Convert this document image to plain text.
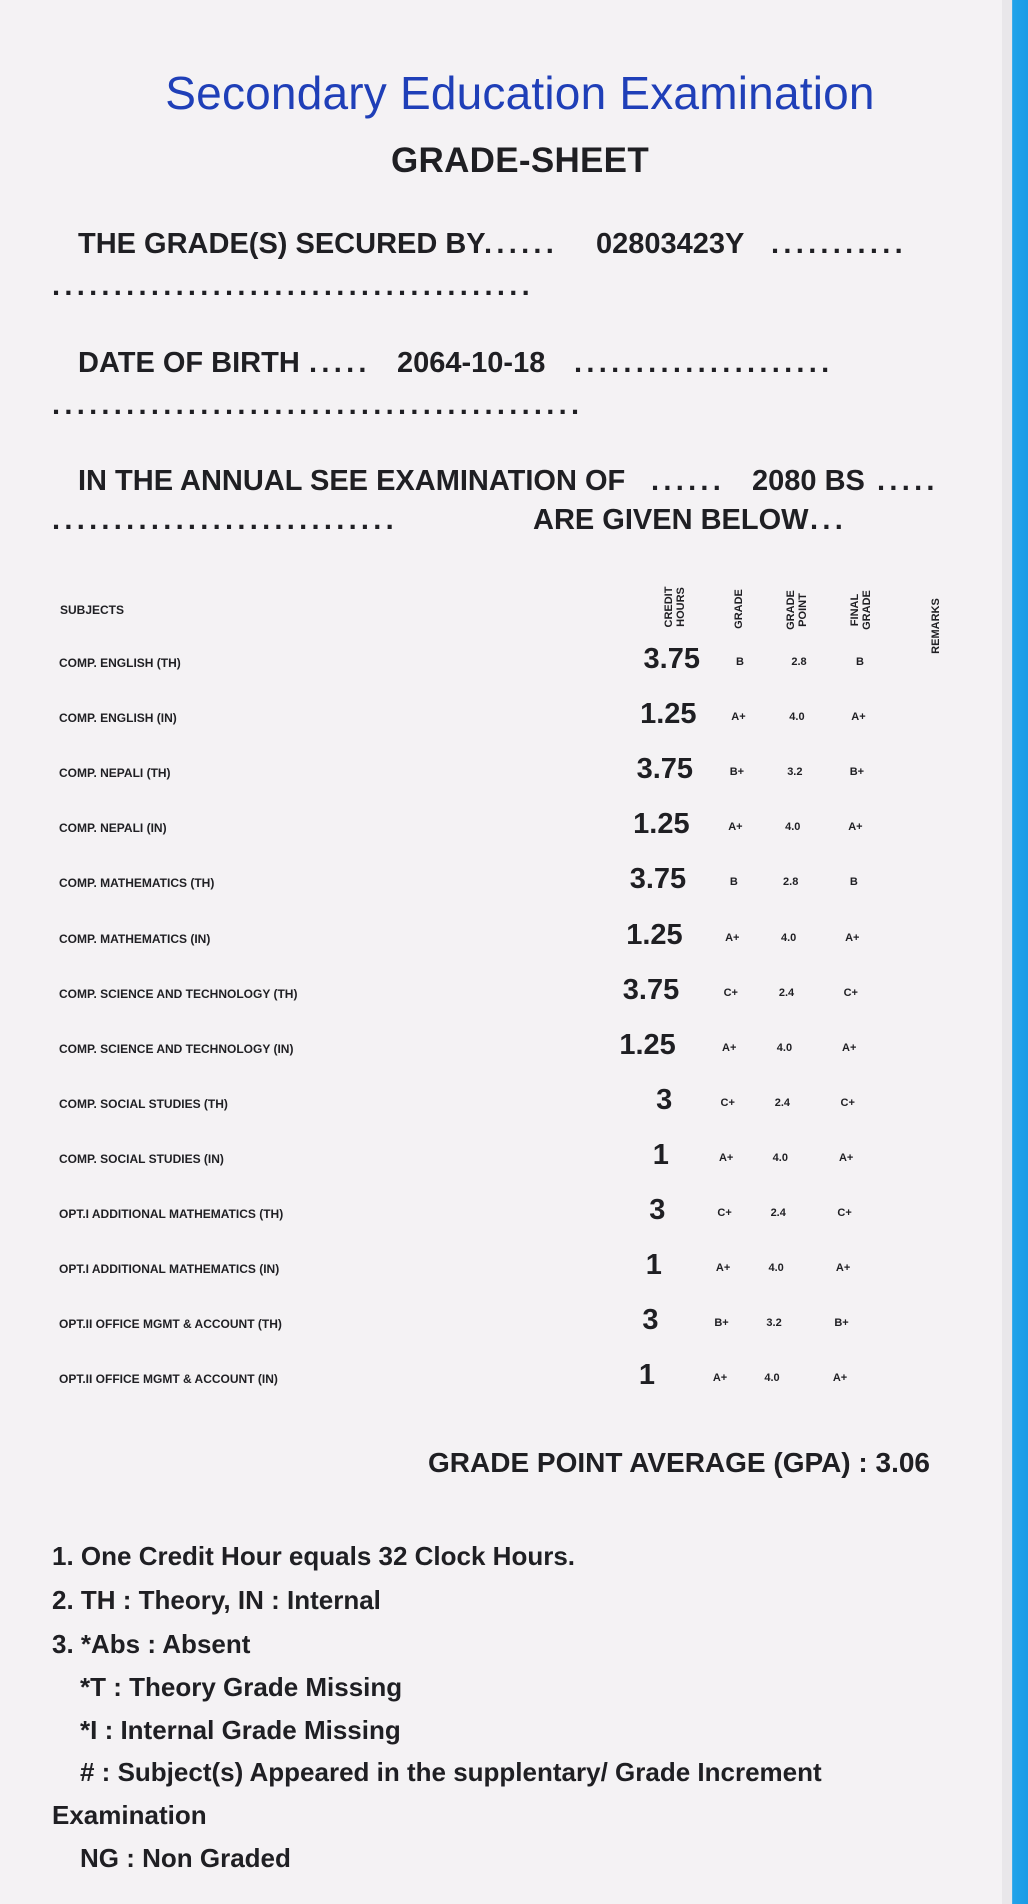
Secondary Education Examination
GRADE-SHEET
THE GRADE(S) SECURED BY
...... 02803423Y ...........
.......................................
DATE OF BIRTH ..... 2064-10-18 .....................
...........................................
IN THE ANNUAL SEE EXAMINATION OF ...... 2080 BS .....
............................	ARE GIVEN BELOW ...
SUBJECTS	CREDIT HOURS	GRADE	GRADE POINT	FINAL GRADE	REMARKS
COMP. ENGLISH (TH)	3.75	B	2.8	B
COMP. ENGLISH (IN)	1.25	A+	4.0	A+
COMP. NEPALI (TH)	3.75	B+	3.2	B+
COMP. NEPALI (IN)	1.25	A+	4.0	A+
COMP. MATHEMATICS (TH)	3.75	B	2.8	B
COMP. MATHEMATICS (IN)	1.25	A+	4.0	A+
COMP. SCIENCE AND TECHNOLOGY (TH)	3.75	C+	2.4	C+
COMP. SCIENCE AND TECHNOLOGY (IN)	1.25	A+	4.0	A+
COMP. SOCIAL STUDIES (TH)	3	C+	2.4	C+
COMP. SOCIAL STUDIES (IN)	1	A+	4.0	A+
OPT.I ADDITIONAL MATHEMATICS (TH)	3	C+	2.4	C+
OPT.I ADDITIONAL MATHEMATICS (IN)	1	A+	4.0	A+
OPT.II OFFICE MGMT & ACCOUNT (TH)	3	B+	3.2	B+
OPT.II OFFICE MGMT & ACCOUNT (IN)	1	A+	4.0	A+
GRADE POINT AVERAGE (GPA) : 3.06
1. One Credit Hour equals 32 Clock Hours.
2. TH : Theory, IN : Internal
3. *Abs : Absent
*T : Theory Grade Missing
*I : Internal Grade Missing
# : Subject(s) Appeared in the supplentary/ Grade Increment
Examination
NG : Non Graded
